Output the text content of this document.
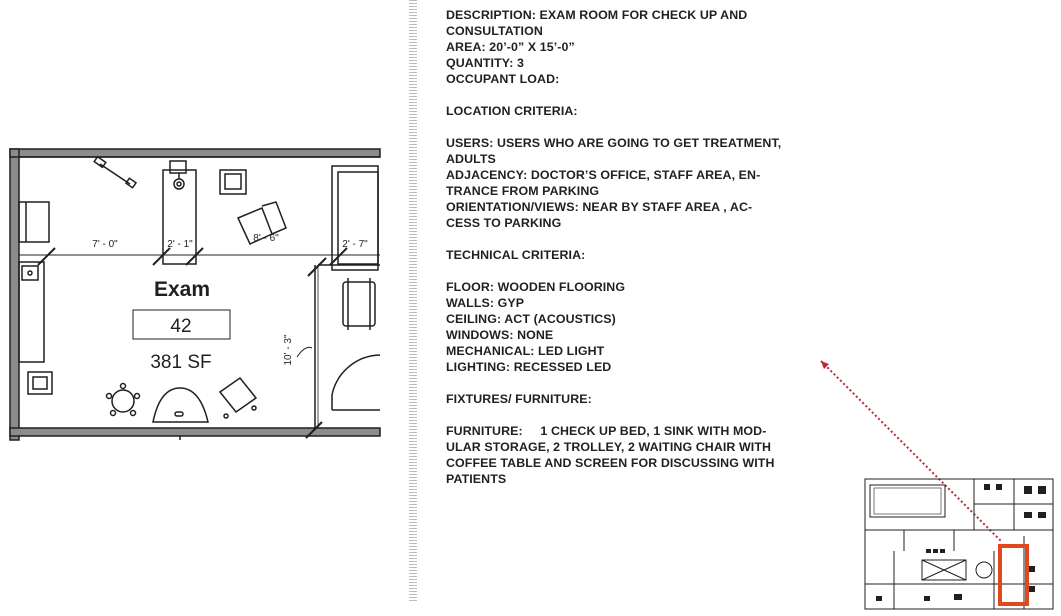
Exam
42
381 SF
7' - 0"	2' - 1"
8' - 6"
2' - 7"
10' - 3"
DESCRIPTION: EXAM ROOM FOR CHECK UP AND
CONSULTATION
AREA: 20’-0” X 15’-0”
QUANTITY: 3
OCCUPANT LOAD:
LOCATION CRITERIA:
USERS: USERS WHO ARE GOING TO GET TREATMENT,
ADULTS
ADJACENCY: DOCTOR’S OFFICE, STAFF AREA, EN-
TRANCE FROM PARKING
ORIENTATION/VIEWS: NEAR BY STAFF AREA , AC-
CESS TO PARKING
TECHNICAL CRITERIA:
FLOOR: WOODEN FLOORING
WALLS: GYP
CEILING: ACT (ACOUSTICS)
WINDOWS: NONE
MECHANICAL: LED LIGHT
LIGHTING: RECESSED LED
FIXTURES/ FURNITURE:
FURNITURE:     1 CHECK UP BED, 1 SINK WITH MOD-
ULAR STORAGE, 2 TROLLEY, 2 WAITING CHAIR WITH
COFFEE TABLE AND SCREEN FOR DISCUSSING WITH
PATIENTS
